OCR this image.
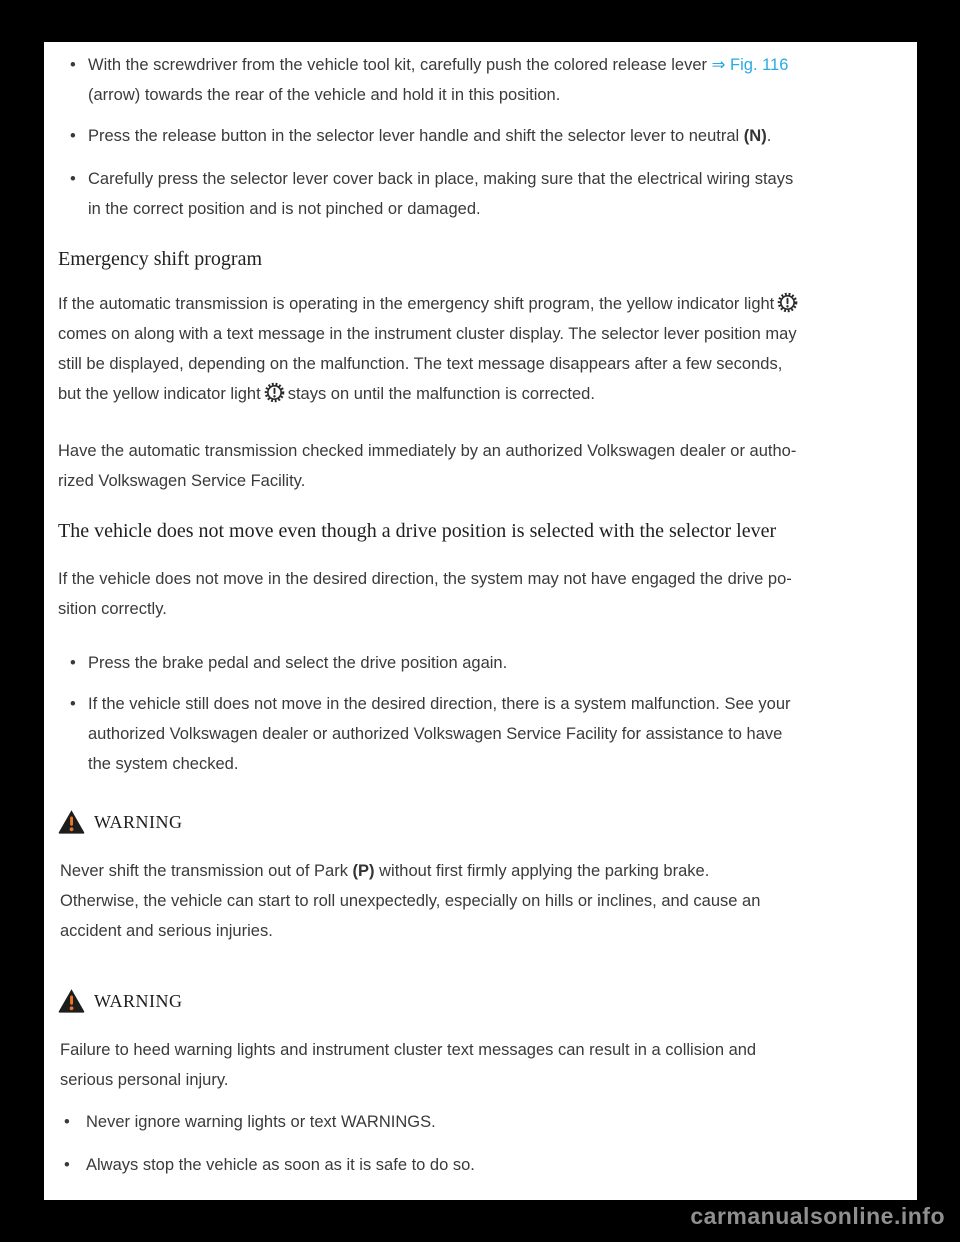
•
With the screwdriver from the vehicle tool kit, carefully push the colored release lever ⇒ Fig. 116
(arrow) towards the rear of the vehicle and hold it in this position.
•
Press the release button in the selector lever handle and shift the selector lever to neutral (N).
•
Carefully press the selector lever cover back in place, making sure that the electrical wiring stays
in the correct position and is not pinched or damaged.
Emergency shift program

If the automatic transmission is operating in the emergency shift program, the yellow indicator light
comes on along with a text message in the instrument cluster display. The selector lever position may
still be displayed, depending on the malfunction. The text message disappears after a few seconds,
but the yellow indicator light stays on until the malfunction is corrected.

Have the automatic transmission checked immediately by an authorized Volkswagen dealer or autho-
rized Volkswagen Service Facility.

The vehicle does not move even though a drive position is selected with the selector lever

If the vehicle does not move in the desired direction, the system may not have engaged the drive po-
sition correctly.

•
Press the brake pedal and select the drive position again.
•
If the vehicle still does not move in the desired direction, there is a system malfunction. See your
authorized Volkswagen dealer or authorized Volkswagen Service Facility for assistance to have
the system checked.
WARNING

Never shift the transmission out of Park (P) without first firmly applying the parking brake.
Otherwise, the vehicle can start to roll unexpectedly, especially on hills or inclines, and cause an
accident and serious injuries.

WARNING

Failure to heed warning lights and instrument cluster text messages can result in a collision and
serious personal injury.

•
Never ignore warning lights or text WARNINGS.
•
Always stop the vehicle as soon as it is safe to do so.
carmanualsonline.info
